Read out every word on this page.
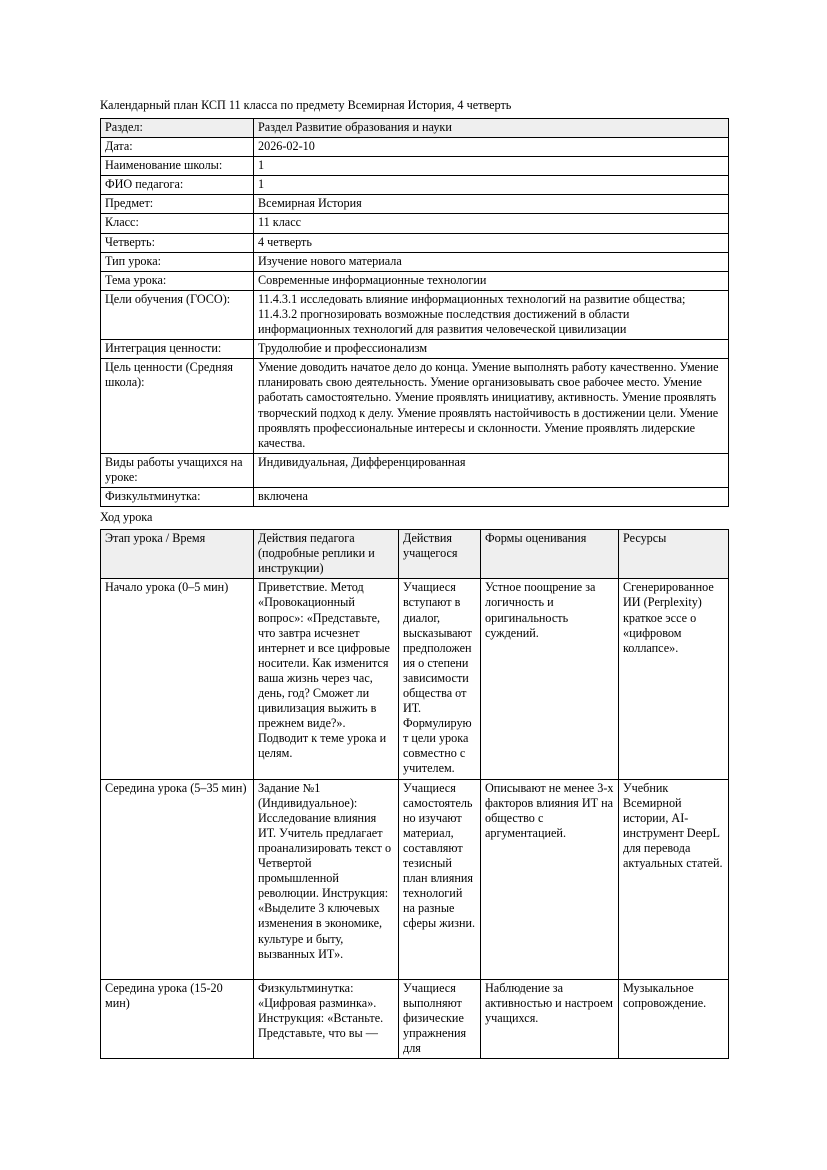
Календарный план КСП 11 класса по предмету Всемирная История, 4 четверть

Раздел:	Раздел Развитие образования и науки
Дата:	2026-02-10
Наименование школы:	1
ФИО педагога:	1
Предмет:	Всемирная История
Класс:	11 класс
Четверть:	4 четверть
Тип урока:	Изучение нового материала
Тема урока:	Современные информационные технологии
Цели обучения (ГОСО):	11.4.3.1 исследовать влияние информационных технологий на развитие общества; 11.4.3.2 прогнозировать возможные последствия достижений в области информационных технологий для развития человеческой цивилизации
Интеграция ценности:	Трудолюбие и профессионализм
Цель ценности (Средняя школа):	Умение доводить начатое дело до конца. Умение выполнять работу качественно. Умение планировать свою деятельность. Умение организовывать свое рабочее место. Умение работать самостоятельно. Умение проявлять инициативу, активность. Умение проявлять творческий подход к делу. Умение проявлять настойчивость в достижении цели. Умение проявлять профессиональные интересы и склонности. Умение проявлять лидерские качества.
Виды работы учащихся на уроке:	Индивидуальная, Дифференцированная
Физкультминутка:	включена

Ход урока

Этап урока / Время	Действия педагога (подробные реплики и инструкции)	Действия учащегося	Формы оценивания	Ресурсы
Начало урока (0–5 мин)	Приветствие. Метод «Провокационный вопрос»: «Представьте, что завтра исчезнет интернет и все цифровые носители. Как изменится ваша жизнь через час, день, год? Сможет ли цивилизация выжить в прежнем виде?». Подводит к теме урока и целям.	Учащиеся вступают в диалог, высказывают предположения о степени зависимости общества от ИТ. Формулируют цели урока совместно с учителем.	Устное поощрение за логичность и оригинальность суждений.	Сгенерированное ИИ (Perplexity) краткое эссе о «цифровом коллапсе».
Середина урока (5–35 мин)	Задание №1 (Индивидуальное): Исследование влияния ИТ. Учитель предлагает проанализировать текст о Четвертой промышленной революции. Инструкция: «Выделите 3 ключевых изменения в экономике, культуре и быту, вызванных ИТ».	Учащиеся самостоятельно изучают материал, составляют тезисный план влияния технологий на разные сферы жизни.	Описывают не менее 3-х факторов влияния ИТ на общество с аргументацией.	Учебник Всемирной истории, AI-инструмент DeepL для перевода актуальных статей.
Середина урока (15-20 мин)	Физкультминутка: «Цифровая разминка». Инструкция: «Встаньте. Представьте, что вы —	Учащиеся выполняют физические упражнения для	Наблюдение за активностью и настроем учащихся.	Музыкальное сопровождение.
